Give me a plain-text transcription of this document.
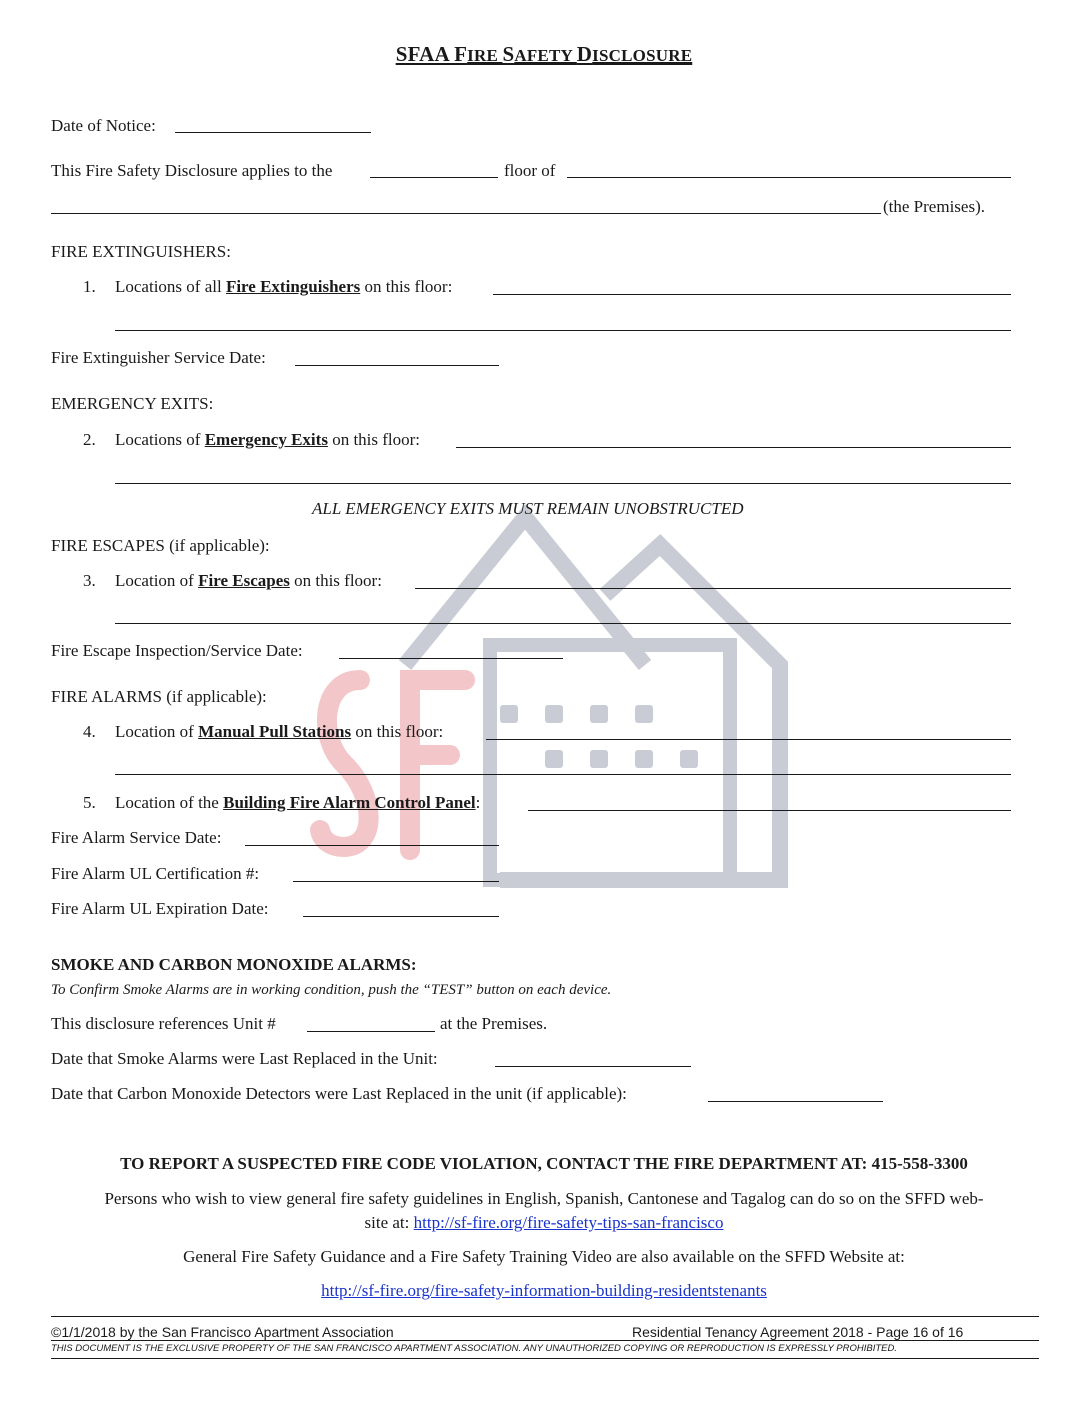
SFAA FIRE SAFETY DISCLOSURE
Date of Notice:
This Fire Safety Disclosure applies to the	floor of
(the Premises).
FIRE EXTINGUISHERS:
1. Locations of all Fire Extinguishers on this floor:
Fire Extinguisher Service Date:
EMERGENCY EXITS:
2. Locations of Emergency Exits on this floor:
ALL EMERGENCY EXITS MUST REMAIN UNOBSTRUCTED
FIRE ESCAPES (if applicable):
3. Location of Fire Escapes on this floor:
Fire Escape Inspection/Service Date:
FIRE ALARMS (if applicable):
4. Location of Manual Pull Stations on this floor:
5. Location of the Building Fire Alarm Control Panel:
Fire Alarm Service Date:
Fire Alarm UL Certification #:
Fire Alarm UL Expiration Date:
SMOKE AND CARBON MONOXIDE ALARMS:
To Confirm Smoke Alarms are in working condition, push the “TEST” button on each device.
This disclosure references Unit #	at the Premises.
Date that Smoke Alarms were Last Replaced in the Unit:
Date that Carbon Monoxide Detectors were Last Replaced in the unit (if applicable):
TO REPORT A SUSPECTED FIRE CODE VIOLATION, CONTACT THE FIRE DEPARTMENT AT: 415-558-3300
Persons who wish to view general fire safety guidelines in English, Spanish, Cantonese and Tagalog can do so on the SFFD web-
site at: http://sf-fire.org/fire-safety-tips-san-francisco
General Fire Safety Guidance and a Fire Safety Training Video are also available on the SFFD Website at:
http://sf-fire.org/fire-safety-information-building-residentstenants
©1/1/2018 by the San Francisco Apartment Association	Residential Tenancy Agreement 2018 - Page 16 of 16
THIS DOCUMENT IS THE EXCLUSIVE PROPERTY OF THE SAN FRANCISCO APARTMENT ASSOCIATION. ANY UNAUTHORIZED COPYING OR REPRODUCTION IS EXPRESSLY PROHIBITED.
